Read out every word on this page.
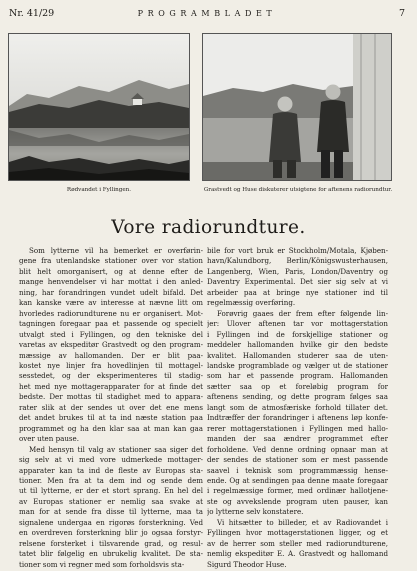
Nr. 41/29	PROGRAMBLADET	7
Rødvandet i Fyllingen.	Grastvedt og Huse diskuterer utsigtene for aftenens radiorundtur.
Vore radiorundture.
Som lytterne vil ha bemerket er overførin-
gene fra utenlandske stationer over vor station
blit helt omorganisert, og at denne efter de
mange henvendelser vi har mottat i den anled-
ning, har forandringen vundet udelt bifald. Det
kan kanske være av interesse at nævne litt om
hvorledes radiorundturene nu er organisert. Mot-
tagningen foregaar paa et passende og specielt
utvalgt sted i Fyllingen, og den tekniske del
varetas av ekspeditør Grastvedt og den program-
mæssige av hallomanden. Der er blit paa-
kostet nye linjer fra hovedlinjen til mottagel-
sesstedet, og der eksperimenteres til stadig-
het med nye mottagerapparater for at finde det
bedste. Der mottas til stadighet med to appara-
rater slik at der sendes ut over det ene mens
det andet brukes til at ta ind næste station paa
programmet og ha den klar saa at man kan gaa
over uten pause.
Med hensyn til valg av stationer saa siger det
sig selv at vi med vore udmerkede mottager-
apparater kan ta ind de fleste av Europas sta-
tioner. Men fra at ta dem ind og sende dem
ut til lytterne, er der et stort sprang. En hel del
av Europas stationer er nemlig saa svake at
man for at sende fra disse til lytterne, maa ta
signalene undergaa en rigorøs forsterkning. Ved
en overdreven forsterkning blir jo ogsaa forstyr-
relsene forsterket i tilsvarende grad, og resul-
tatet blir følgelig en ubrukelig kvalitet. De sta-
tioner som vi regner med som forholdsvis sta-
bile for vort bruk er Stockholm/Motala, Kjøben-
havn/Kalundborg, Berlin/Königswusterhausen,
Langenberg, Wien, Paris, London/Daventry og
Daventry Experimental. Det sier sig selv at vi
arbeider paa at bringe nye stationer ind til
regelmæssig overføring.
Forøvrig gaaes der frem efter følgende lin-
jer: Ulover aftenen tar vor mottagerstation
i Fyllingen ind de forskjellige stationer og
meddeler hallomanden hvilke gir den bedste
kvalitet. Hallomanden studerer saa de uten-
landske programblade og vælger ut de stationer
som har et passende program. Hallomanden
sætter saa op et foreløbig program for
aftenens sending, og dette program følges saa
langt som de atmosfæriske forhold tillater det.
Indtræffer der forandringer i aftenens løp konfe-
rerer mottagerstationen i Fyllingen med hallo-
manden der saa ændrer programmet efter
forholdene. Ved denne ordning opnaar man at
der sendes de stationer som er mest passende
saavel i teknisk som programmæssig hense-
ende. Og at sendingen paa denne maate foregaar
i regelmæssige former, med ordinær hallotjene-
ste og avvekslende program uten pauser, kan
jo lytterne selv konstatere.
Vi hitsætter to billeder, et av Radiovandet i
Fyllingen hvor mottagerstationen ligger, og et
av de herrer som steller med radiorundturene,
nemlig ekspeditør E. A. Grastvedt og hallomand
Sigurd Theodor Huse.
